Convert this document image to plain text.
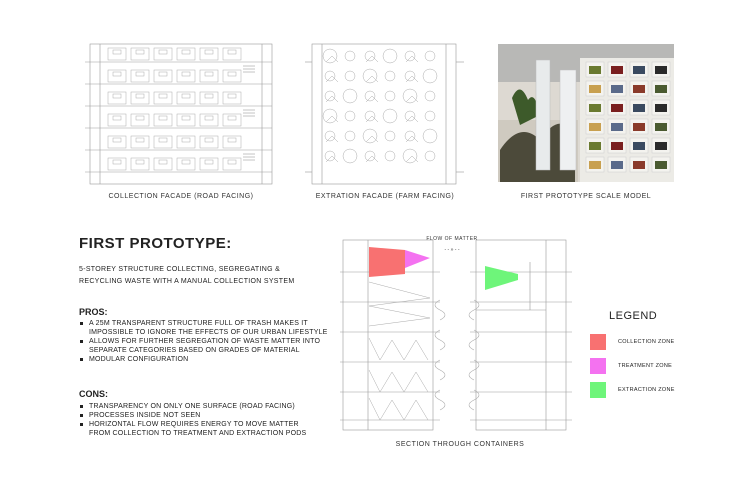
- - » - -
COLLECTION FACADE (ROAD FACING)	EXTRATION FACADE (FARM FACING)	FIRST PROTOTYPE SCALE MODEL
FLOW OF MATTER
SECTION THROUGH CONTAINERS
FIRST PROTOTYPE:
5-STOREY STRUCTURE COLLECTING, SEGREGATING &
RECYCLING WASTE WITH A MANUAL COLLECTION SYSTEM
PROS:
A 25M TRANSPARENT STRUCTURE FULL OF TRASH MAKES IT
IMPOSSIBLE TO IGNORE THE EFFECTS OF OUR URBAN LIFESTYLE
ALLOWS FOR FURTHER SEGREGATION OF WASTE MATTER INTO
SEPARATE CATEGORIES BASED ON GRADES OF MATERIAL
MODULAR CONFIGURATION
CONS:
TRANSPARENCY ON ONLY ONE SURFACE (ROAD FACING)
PROCESSES INSIDE NOT SEEN
HORIZONTAL FLOW REQUIRES ENERGY TO MOVE MATTER
FROM COLLECTION TO TREATMENT AND EXTRACTION PODS
LEGEND
COLLECTION ZONE
TREATMENT ZONE
EXTRACTION ZONE
